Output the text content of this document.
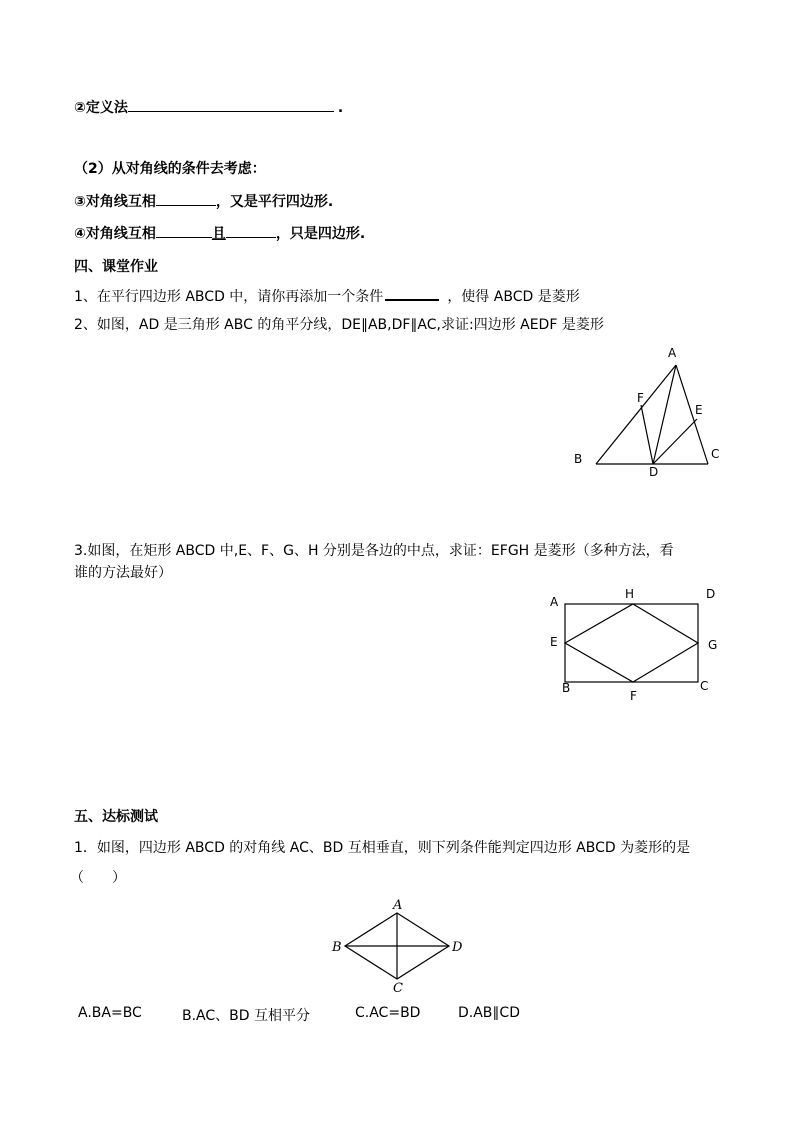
②定义法	.
（2）从对角线的条件去考虑：
③对角线互相	，又是平行四边形.
④对角线互相	且	，只是四边形.
四、课堂作业
1、在平行四边形 ABCD 中，请你再添加一个条件	，使得 ABCD 是菱形
2、如图，AD 是三角形 ABC 的角平分线，DE∥AB,DF∥AC,求证:四边形 AEDF 是菱形
A
B	C
D
E
F
3.如图，在矩形 ABCD 中,E、F、G、H 分别是各边的中点，求证：EFGH 是菱形（多种方法，看
谁的方法最好）
A
B	C
D
E
F
G
H
五、达标测试
1．如图，四边形 ABCD 的对角线 AC、BD 互相垂直，则下列条件能判定四边形 ABCD 为菱形的是
（　　）
A
B
C
D
A.BA=BC	B.AC、BD 互相平分	C.AC=BD	D.AB∥CD
